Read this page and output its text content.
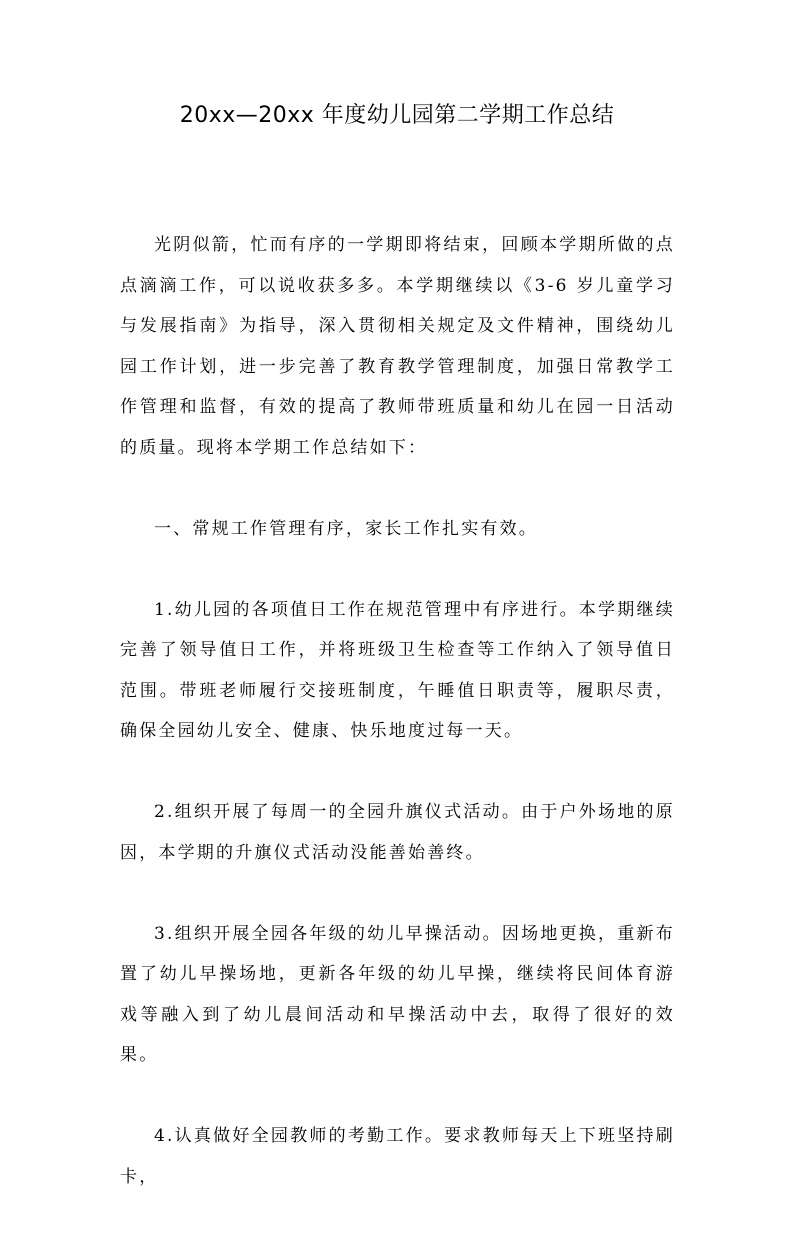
20xx—20xx 年度幼儿园第二学期工作总结

光阴似箭，忙而有序的一学期即将结束，回顾本学期所做的点点滴滴工作，可以说收获多多。本学期继续以《3-6 岁儿童学习与发展指南》为指导，深入贯彻相关规定及文件精神，围绕幼儿园工作计划，进一步完善了教育教学管理制度，加强日常教学工作管理和监督，有效的提高了教师带班质量和幼儿在园一日活动的质量。现将本学期工作总结如下：

一、常规工作管理有序，家长工作扎实有效。

1.幼儿园的各项值日工作在规范管理中有序进行。本学期继续完善了领导值日工作，并将班级卫生检查等工作纳入了领导值日范围。带班老师履行交接班制度，午睡值日职责等，履职尽责，确保全园幼儿安全、健康、快乐地度过每一天。

2.组织开展了每周一的全园升旗仪式活动。由于户外场地的原因，本学期的升旗仪式活动没能善始善终。

3.组织开展全园各年级的幼儿早操活动。因场地更换，重新布置了幼儿早操场地，更新各年级的幼儿早操，继续将民间体育游戏等融入到了幼儿晨间活动和早操活动中去，取得了很好的效果。

4.认真做好全园教师的考勤工作。要求教师每天上下班坚持刷卡，
